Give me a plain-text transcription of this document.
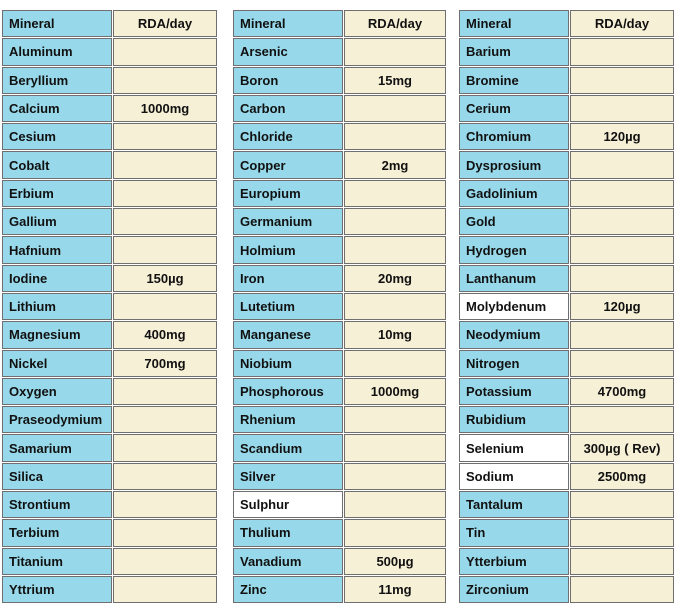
Mineral	RDA/day
Aluminum
Beryllium
Calcium	1000mg
Cesium
Cobalt
Erbium
Gallium
Hafnium
Iodine	150µg
Lithium
Magnesium	400mg
Nickel	700mg
Oxygen
Praseodymium
Samarium
Silica
Strontium
Terbium
Titanium
Yttrium
Mineral	RDA/day
Arsenic
Boron	15mg
Carbon
Chloride
Copper	2mg
Europium
Germanium
Holmium
Iron	20mg
Lutetium
Manganese	10mg
Niobium
Phosphorous	1000mg
Rhenium
Scandium
Silver
Sulphur
Thulium
Vanadium	500µg
Zinc	11mg
Mineral	RDA/day
Barium
Bromine
Cerium
Chromium	120µg
Dysprosium
Gadolinium
Gold
Hydrogen
Lanthanum
Molybdenum	120µg
Neodymium
Nitrogen
Potassium	4700mg
Rubidium
Selenium	300µg ( Rev)
Sodium	2500mg
Tantalum
Tin
Ytterbium
Zirconium
